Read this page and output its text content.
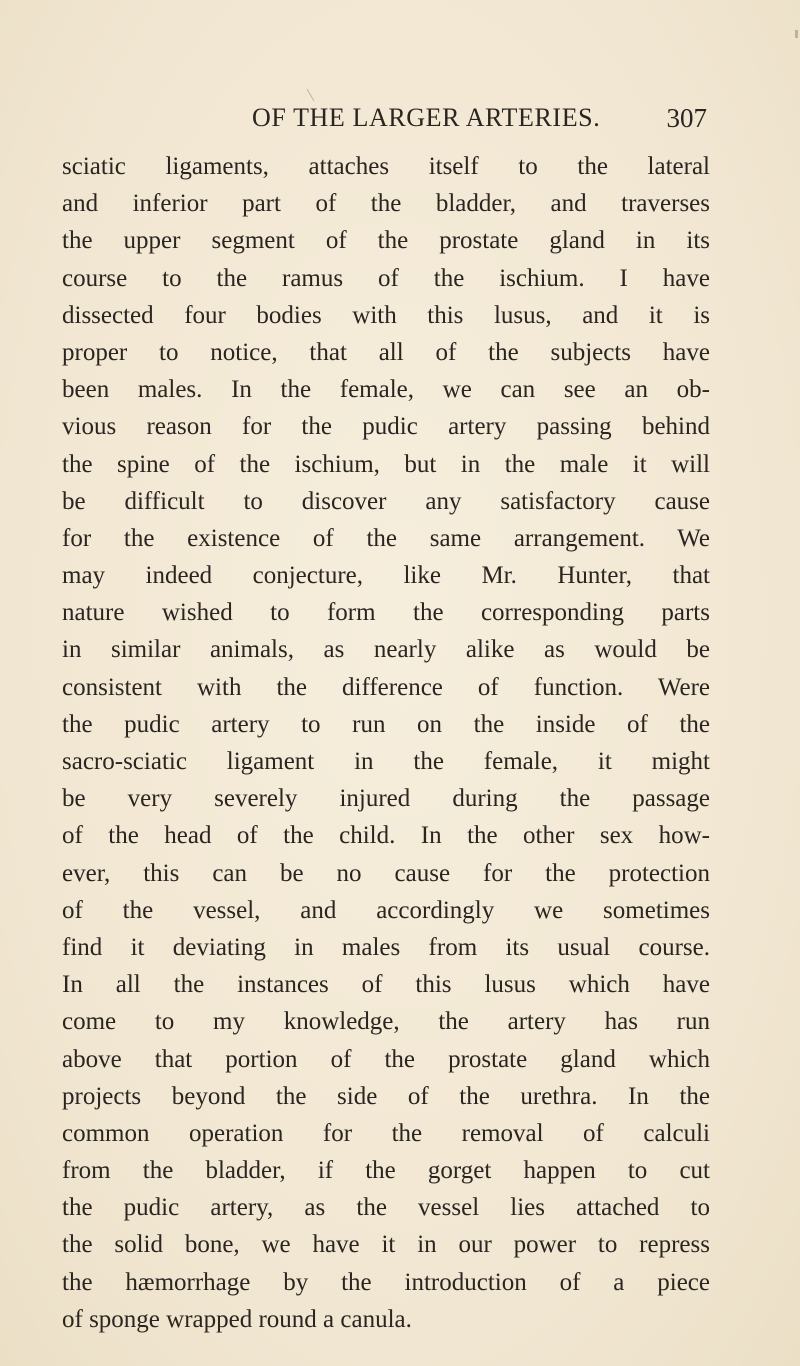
OF THE LARGER ARTERIES. 307
sciatic ligaments, attaches itself to the lateral
and inferior part of the bladder, and traverses
the upper segment of the prostate gland in its
course to the ramus of the ischium. I have
dissected four bodies with this lusus, and it is
proper to notice, that all of the subjects have
been males. In the female, we can see an ob-
vious reason for the pudic artery passing behind
the spine of the ischium, but in the male it will
be difficult to discover any satisfactory cause
for the existence of the same arrangement. We
may indeed conjecture, like Mr. Hunter, that
nature wished to form the corresponding parts
in similar animals, as nearly alike as would be
consistent with the difference of function. Were
the pudic artery to run on the inside of the
sacro-sciatic ligament in the female, it might
be very severely injured during the passage
of the head of the child. In the other sex how-
ever, this can be no cause for the protection
of the vessel, and accordingly we sometimes
find it deviating in males from its usual course.
In all the instances of this lusus which have
come to my knowledge, the artery has run
above that portion of the prostate gland which
projects beyond the side of the urethra. In the
common operation for the removal of calculi
from the bladder, if the gorget happen to cut
the pudic artery, as the vessel lies attached to
the solid bone, we have it in our power to repress
the hæmorrhage by the introduction of a piece
of sponge wrapped round a canula.
